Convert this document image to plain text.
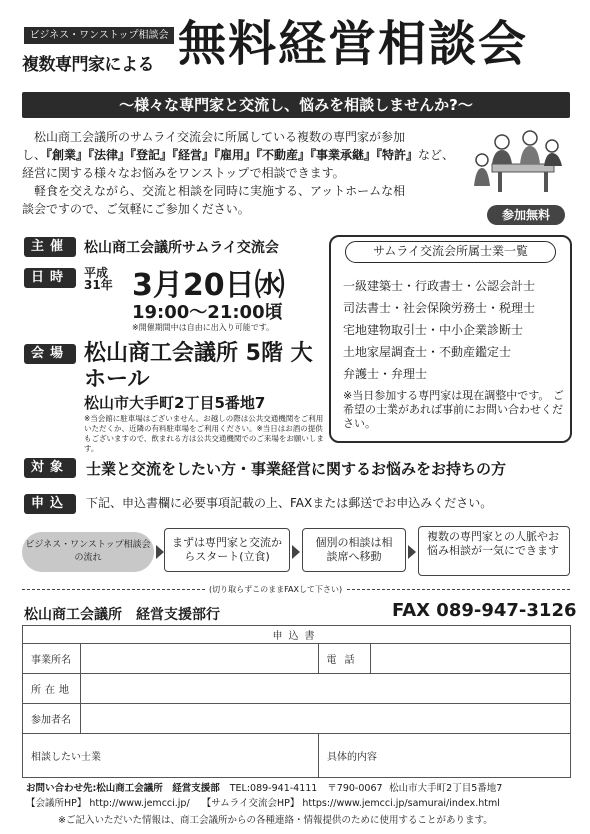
ビジネス・ワンストップ相談会
複数専門家による 無料経営相談会
〜様々な専門家と交流し、悩みを相談しませんか?〜

松山商工会議所のサムライ交流会に所属している複数の専門家が参加

し、『創業』『法律』『登記』『経営』『雇用』『不動産』『事業承継』『特許』など、

経営に関する様々なお悩みをワンストップで相談できます。

軽食を交えながら、交流と相談を同時に実施する、アットホームな相

談会ですので、ご気軽にご参加ください。	参加無料
主催	松山商工会議所サムライ交流会
日時	平成31年 3月20日㈬
19:00〜21:00頃
※開催期間中は自由に出入り可能です。
会場 松山商工会議所 5階 大ホール
松山市大手町2丁目5番地7
※当会館に駐車場はございません。お越しの際は公共交通機関をご利用いただくか、近隣の有料駐車場をご利用ください。※当日はお酒の提供もございますので、飲まれる方は公共交通機関でのご来場をお願いします。
サムライ交流会所属士業一覧
一級建築士・行政書士・公認会計士
司法書士・社会保険労務士・税理士
宅地建物取引士・中小企業診断士
土地家屋調査士・不動産鑑定士
弁護士・弁理士
※当日参加する専門家は現在調整中です。 ご希望の士業があれば事前にお問い合わせください。
対象	士業と交流をしたい方・事業経営に関するお悩みをお持ちの方
申込	下記、申込書欄に必要事項記載の上、FAXまたは郵送でお申込みください。
ビジネス・ワンストップ相談会の流れ
まずは専門家と交流からスタート(立食)
個別の相談は相談席へ移動
複数の専門家との人脈やお悩み相談が一気にできます
(切り取らずこのままFAXして下さい)
松山商工会議所　経営支援部行	FAX 089-947-3126
申込書			
事業所名		電話	
所在地			
参加者名			
相談したい士業		具体的内容	
お問い合わせ先:松山商工会議所　経営支援部 TEL:089-941-4111 〒790-0067 松山市大手町2丁目5番地7
【会議所HP】 http://www.jemcci.jp/ 【サムライ交流会HP】 https://www.jemcci.jp/samurai/index.html
※ご記入いただいた情報は、商工会議所からの各種連絡・情報提供のために使用することがあります。
